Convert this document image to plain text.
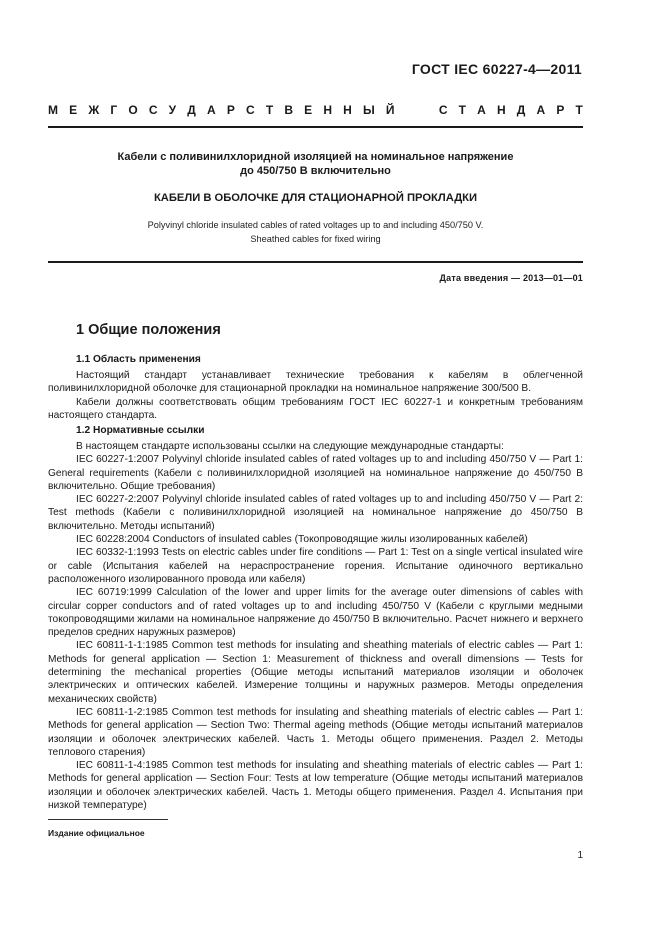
ГОСТ IEC 60227-4—2011
М Е Ж Г О С У Д А Р С Т В Е Н Н Ы Й	С Т А Н Д А Р Т
Кабели с поливинилхлоридной изоляцией на номинальное напряжение
до 450/750 В включительно
КАБЕЛИ В ОБОЛОЧКЕ ДЛЯ СТАЦИОНАРНОЙ ПРОКЛАДКИ
Polyvinyl chloride insulated cables of rated voltages up to and including 450/750 V.
Sheathed cables for fixed wiring
Дата введения — 2013—01—01
1 Общие положения
1.1 Область применения

Настоящий стандарт устанавливает технические требования к кабелям в облегченной поливинилхлоридной оболочке для стационарной прокладки на номинальное напряжение 300/500 В.

Кабели должны соответствовать общим требованиям ГОСТ IEC 60227-1 и конкретным требованиям настоящего стандарта.

1.2 Нормативные ссылки

В настоящем стандарте использованы ссылки на следующие международные стандарты:

IEC 60227-1:2007 Polyvinyl chloride insulated cables of rated voltages up to and including 450/750 V — Part 1: General requirements (Кабели с поливинилхлоридной изоляцией на номинальное напряжение до 450/750 В включительно. Общие требования)

IEC 60227-2:2007 Polyvinyl chloride insulated cables of rated voltages up to and including 450/750 V — Part 2: Test methods (Кабели с поливинилхлоридной изоляцией на номинальное напряжение до 450/750 В включительно. Методы испытаний)

IEC 60228:2004 Conductors of insulated cables (Токопроводящие жилы изолированных кабелей)

IEC 60332-1:1993 Tests on electric cables under fire conditions — Part 1: Test on a single vertical insulated wire or cable (Испытания кабелей на нераспространение горения. Испытание одиночного вертикально расположенного изолированного провода или кабеля)

IEC 60719:1999 Calculation of the lower and upper limits for the average outer dimensions of cables with circular copper conductors and of rated voltages up to and including 450/750 V (Кабели с круглыми медными токопроводящими жилами на номинальное напряжение до 450/750 В включительно. Расчет нижнего и верхнего пределов средних наружных размеров)

IEC 60811-1-1:1985 Common test methods for insulating and sheathing materials of electric cables — Part 1: Methods for general application — Section 1: Measurement of thickness and overall dimensions — Tests for determining the mechanical properties (Общие методы испытаний материалов изоляции и оболочек электрических и оптических кабелей. Измерение толщины и наружных размеров. Методы определения механических свойств)

IEC 60811-1-2:1985 Common test methods for insulating and sheathing materials of electric cables — Part 1: Methods for general application — Section Two: Thermal ageing methods (Общие методы испытаний материалов изоляции и оболочек электрических кабелей. Часть 1. Методы общего применения. Раздел 2. Методы теплового старения)

IEC 60811-1-4:1985 Common test methods for insulating and sheathing materials of electric cables — Part 1: Methods for general application — Section Four: Tests at low temperature (Общие методы испытаний материалов изоляции и оболочек электрических кабелей. Часть 1. Методы общего применения. Раздел 4. Испытания при низкой температуре)

Издание официальное
1
